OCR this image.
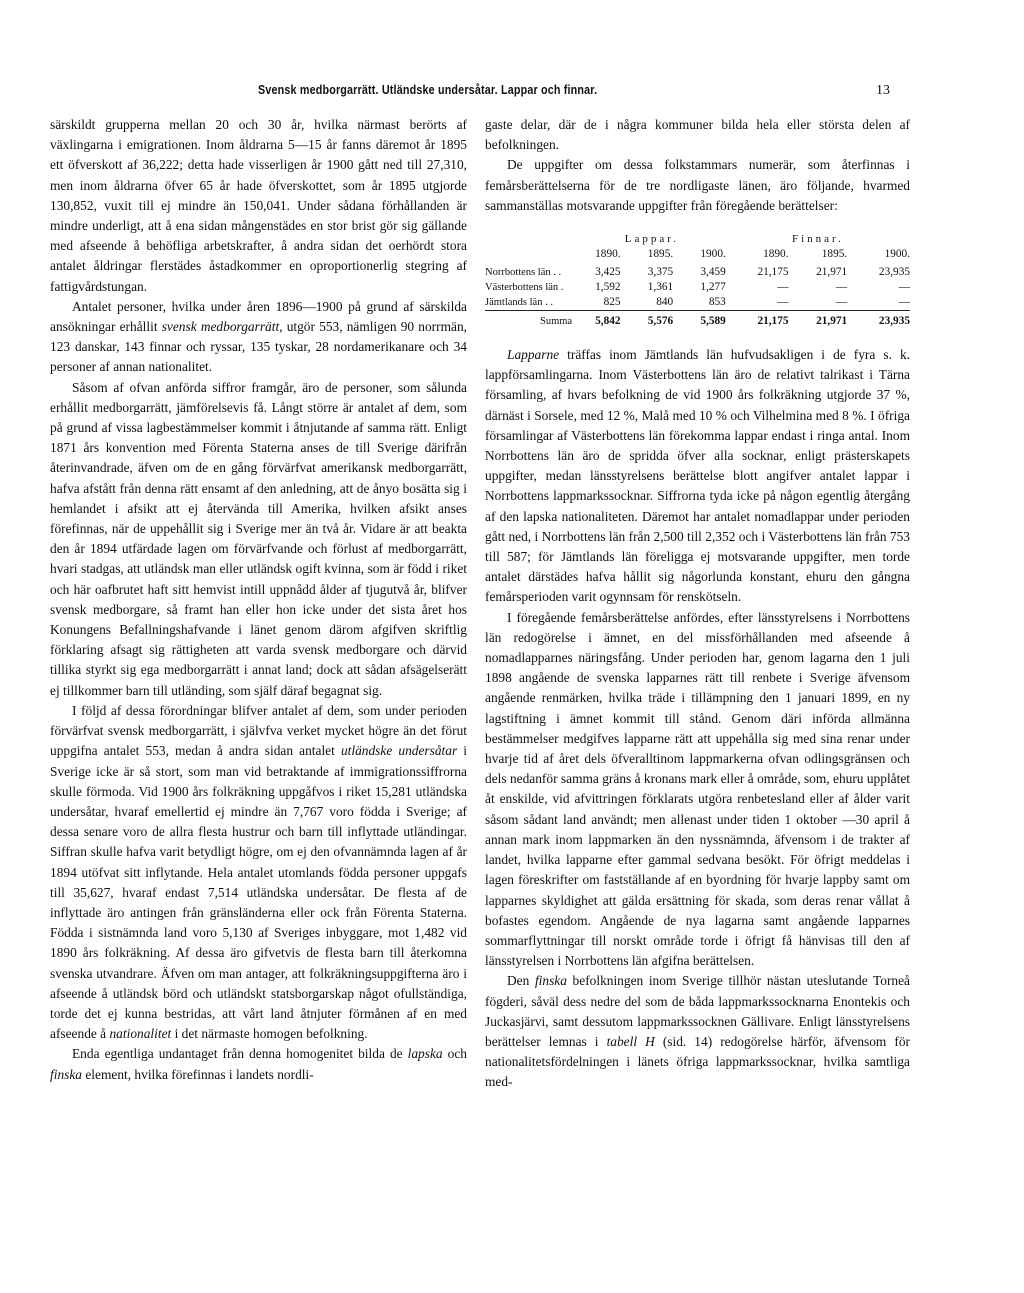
Svensk medborgarrätt. Utländske undersåtar. Lappar och finnar.	13

särskildt grupperna mellan 20 och 30 år, hvilka närmast berörts af växlingarna i emigrationen. Inom åldrarna 5—15 år fanns däremot år 1895 ett öfverskott af 36,222; detta hade visserligen år 1900 gått ned till 27,310, men inom åldrarna öfver 65 år hade öfverskottet, som år 1895 utgjorde 130,852, vuxit till ej mindre än 150,041. Under sådana förhållanden är mindre underligt, att å ena sidan mångenstädes en stor brist gör sig gällande med afseende å behöfliga arbetskrafter, å andra sidan det oerhördt stora antalet åldringar flerstädes åstadkommer en oproportionerlig stegring af fattigvårdstungan.

Antalet personer, hvilka under åren 1896—1900 på grund af särskilda ansökningar erhållit svensk medborgarrätt, utgör 553, nämligen 90 norrmän, 123 danskar, 143 finnar och ryssar, 135 tyskar, 28 nordamerikanare och 34 personer af annan nationalitet.

Såsom af ofvan anförda siffror framgår, äro de personer, som sålunda erhållit medborgarrätt, jämförelsevis få. Långt större är antalet af dem, som på grund af vissa lagbestämmelser kommit i åtnjutande af samma rätt. Enligt 1871 års konvention med Förenta Staterna anses de till Sverige därifrån återinvandrade, äfven om de en gång förvärfvat amerikansk medborgarrätt, hafva afstått från denna rätt ensamt af den anledning, att de ånyo bosätta sig i hemlandet i afsikt att ej återvända till Amerika, hvilken afsikt anses förefinnas, när de uppehållit sig i Sverige mer än två år. Vidare är att beakta den år 1894 utfärdade lagen om förvärfvande och förlust af medborgarrätt, hvari stadgas, att utländsk man eller utländsk ogift kvinna, som är född i riket och här oafbrutet haft sitt hemvist intill uppnådd ålder af tjugutvå år, blifver svensk medborgare, så framt han eller hon icke under det sista året hos Konungens Befallningshafvande i länet genom därom afgifven skriftlig förklaring afsagt sig rättigheten att varda svensk medborgare och därvid tillika styrkt sig ega medborgarrätt i annat land; dock att sådan afsägelserätt ej tillkommer barn till utländing, som själf däraf begagnat sig.

I följd af dessa förordningar blifver antalet af dem, som under perioden förvärfvat svensk medborgarrätt, i självfva verket mycket högre än det förut uppgifna antalet 553, medan å andra sidan antalet utländske undersåtar i Sverige icke är så stort, som man vid betraktande af immigrationssiffrorna skulle förmoda. Vid 1900 års folkräkning uppgåfvos i riket 15,281 utländska undersåtar, hvaraf emellertid ej mindre än 7,767 voro födda i Sverige; af dessa senare voro de allra flesta hustrur och barn till inflyttade utländingar. Siffran skulle hafva varit betydligt högre, om ej den ofvannämnda lagen af år 1894 utöfvat sitt inflytande. Hela antalet utomlands födda personer uppgafs till 35,627, hvaraf endast 7,514 utländska undersåtar. De flesta af de inflyttade äro antingen från gränsländerna eller ock från Förenta Staterna. Födda i sistnämnda land voro 5,130 af Sveriges inbyggare, mot 1,482 vid 1890 års folkräkning. Af dessa äro gifvetvis de flesta barn till återkomna svenska utvandrare. Äfven om man antager, att folkräkningsuppgifterna äro i afseende å utländsk börd och utländskt statsborgarskap något ofullständiga, torde det ej kunna bestridas, att vårt land åtnjuter förmånen af en med afseende å nationalitet i det närmaste homogen befolkning.

Enda egentliga undantaget från denna homogenitet bilda de lapska och finska element, hvilka förefinnas i landets nordli-

gaste delar, där de i några kommuner bilda hela eller största delen af befolkningen.

De uppgifter om dessa folkstammars numerär, som återfinnas i femårsberättelserna för de tre nordligaste länen, äro följande, hvarmed sammanställas motsvarande uppgifter från föregående berättelser:

	Lappar.			Finnar.		
	1890.	1895.	1900.	1890.	1895.	1900.
Norrbottens län . .	3,425	3,375	3,459	21,175	21,971	23,935
Västerbottens län .	1,592	1,361	1,277	—	—	—
Jämtlands län . .	825	840	853	—	—	—
Summa	5,842	5,576	5,589	21,175	21,971	23,935

Lapparne träffas inom Jämtlands län hufvudsakligen i de fyra s. k. lappförsamlingarna. Inom Västerbottens län äro de relativt talrikast i Tärna församling, af hvars befolkning de vid 1900 års folkräkning utgjorde 37 %, därnäst i Sorsele, med 12 %, Malå med 10 % och Vilhelmina med 8 %. I öfriga församlingar af Västerbottens län förekomma lappar endast i ringa antal. Inom Norrbottens län äro de spridda öfver alla socknar, enligt prästerskapets uppgifter, medan länsstyrelsens berättelse blott angifver antalet lappar i Norrbottens lappmarkssocknar. Siffrorna tyda icke på någon egentlig återgång af den lapska nationaliteten. Däremot har antalet nomadlappar under perioden gått ned, i Norrbottens län från 2,500 till 2,352 och i Västerbottens län från 753 till 587; för Jämtlands län föreligga ej motsvarande uppgifter, men torde antalet därstädes hafva hållit sig någorlunda konstant, ehuru den gångna femårsperioden varit ogynnsam för renskötseln.

I föregående femårsberättelse anfördes, efter länsstyrelsens i Norrbottens län redogörelse i ämnet, en del missförhållanden med afseende å nomadlapparnes näringsfång. Under perioden har, genom lagarna den 1 juli 1898 angående de svenska lapparnes rätt till renbete i Sverige äfvensom angående renmärken, hvilka träde i tillämpning den 1 januari 1899, en ny lagstiftning i ämnet kommit till stånd. Genom däri införda allmänna bestämmelser medgifves lapparne rätt att uppehålla sig med sina renar under hvarje tid af året dels öfveralltinom lappmarkerna ofvan odlingsgränsen och dels nedanför samma gräns å kronans mark eller å område, som, ehuru upplåtet åt enskilde, vid afvittringen förklarats utgöra renbetesland eller af ålder varit såsom sådant land användt; men allenast under tiden 1 oktober —30 april å annan mark inom lappmarken än den nyssnämnda, äfvensom i de trakter af landet, hvilka lapparne efter gammal sedvana besökt. För öfrigt meddelas i lagen föreskrifter om fastställande af en byordning för hvarje lappby samt om lapparnes skyldighet att gälda ersättning för skada, som deras renar vållat å bofastes egendom. Angående de nya lagarna samt angående lapparnes sommarflyttningar till norskt område torde i öfrigt få hänvisas till den af länsstyrelsen i Norrbottens län afgifna berättelsen.

Den finska befolkningen inom Sverige tillhör nästan uteslutande Torneå fögderi, såväl dess nedre del som de båda lappmarkssocknarna Enontekis och Juckasjärvi, samt dessutom lappmarkssocknen Gällivare. Enligt länsstyrelsens berättelser lemnas i tabell H (sid. 14) redogörelse härför, äfvensom för nationalitetsfördelningen i länets öfriga lappmarkssocknar, hvilka samtliga med-
